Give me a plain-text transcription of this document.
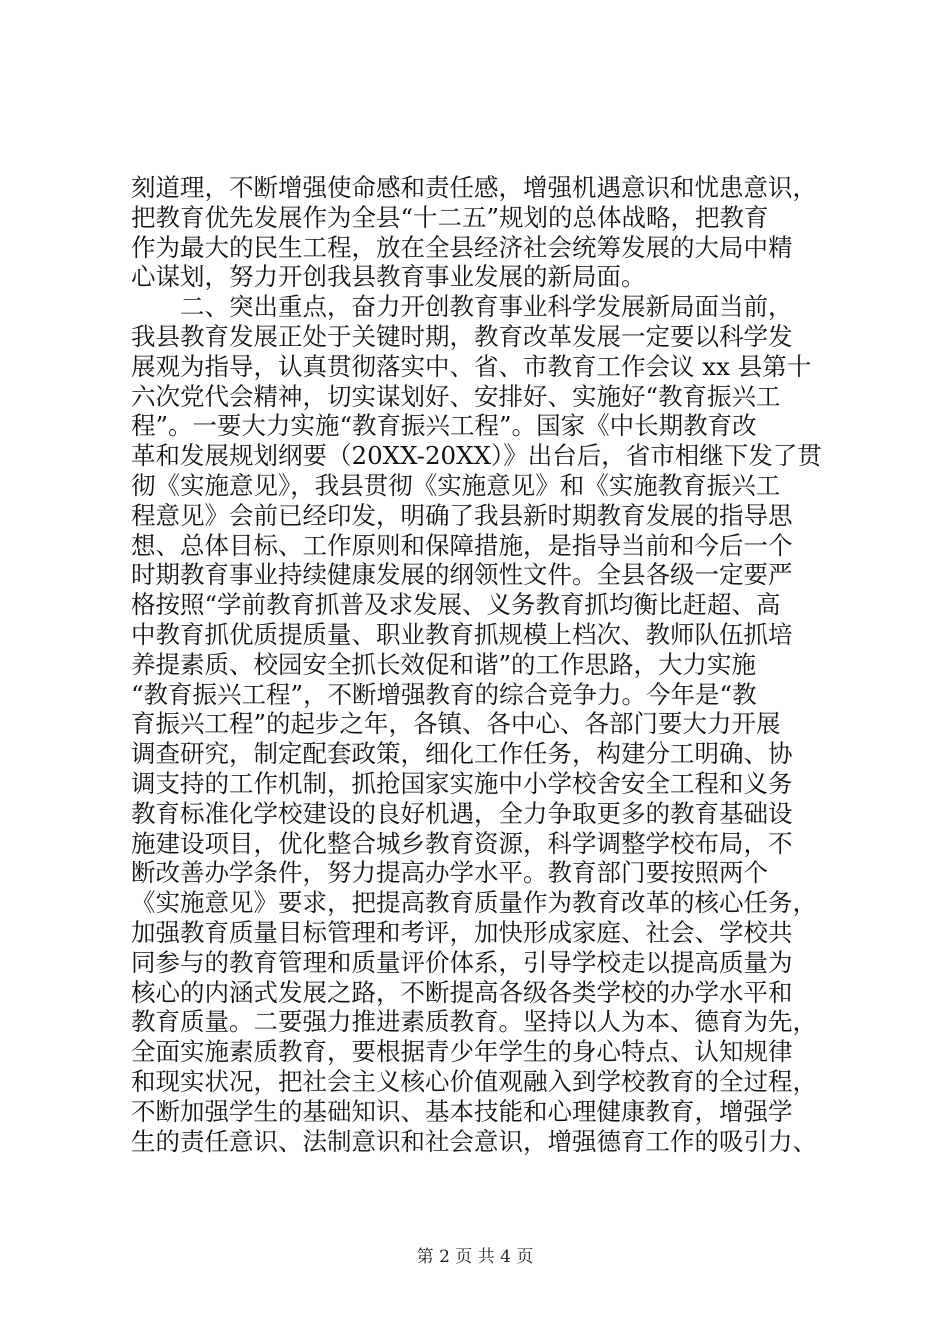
刻道理，不断增强使命感和责任感，增强机遇意识和忧患意识，
把教育优先发展作为全县“十二五”规划的总体战略，把教育
作为最大的民生工程，放在全县经济社会统筹发展的大局中精
心谋划，努力开创我县教育事业发展的新局面。
二、突出重点，奋力开创教育事业科学发展新局面当前，
我县教育发展正处于关键时期，教育改革发展一定要以科学发
展观为指导，认真贯彻落实中、省、市教育工作会议 xx 县第十
六次党代会精神，切实谋划好、安排好、实施好“教育振兴工
程”。一要大力实施“教育振兴工程”。国家《中长期教育改
革和发展规划纲要（20XX-20XX）》出台后，省市相继下发了贯
彻《实施意见》，我县贯彻《实施意见》和《实施教育振兴工
程意见》会前已经印发，明确了我县新时期教育发展的指导思
想、总体目标、工作原则和保障措施，是指导当前和今后一个
时期教育事业持续健康发展的纲领性文件。全县各级一定要严
格按照“学前教育抓普及求发展、义务教育抓均衡比赶超、高
中教育抓优质提质量、职业教育抓规模上档次、教师队伍抓培
养提素质、校园安全抓长效促和谐”的工作思路，大力实施
“教育振兴工程”，不断增强教育的综合竞争力。今年是“教
育振兴工程”的起步之年，各镇、各中心、各部门要大力开展
调查研究，制定配套政策，细化工作任务，构建分工明确、协
调支持的工作机制，抓抢国家实施中小学校舍安全工程和义务
教育标准化学校建设的良好机遇，全力争取更多的教育基础设
施建设项目，优化整合城乡教育资源，科学调整学校布局，不
断改善办学条件，努力提高办学水平。教育部门要按照两个
《实施意见》要求，把提高教育质量作为教育改革的核心任务，
加强教育质量目标管理和考评，加快形成家庭、社会、学校共
同参与的教育管理和质量评价体系，引导学校走以提高质量为
核心的内涵式发展之路，不断提高各级各类学校的办学水平和
教育质量。二要强力推进素质教育。坚持以人为本、德育为先，
全面实施素质教育，要根据青少年学生的身心特点、认知规律
和现实状况，把社会主义核心价值观融入到学校教育的全过程，
不断加强学生的基础知识、基本技能和心理健康教育，增强学
生的责任意识、法制意识和社会意识，增强德育工作的吸引力、
第 2 页 共 4 页
